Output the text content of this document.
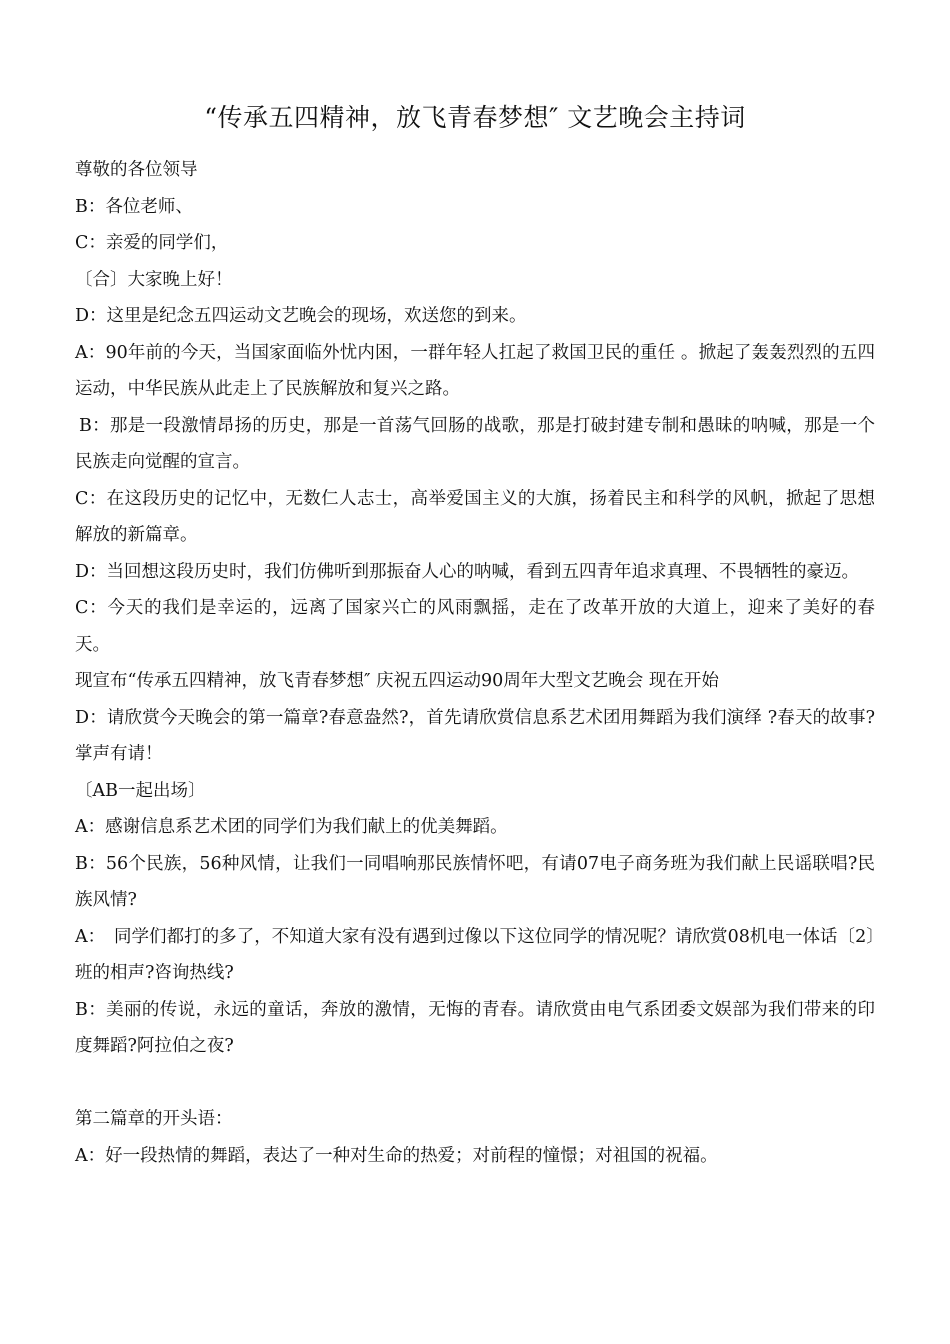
“传承五四精神，放飞青春梦想″ 文艺晚会主持词

尊敬的各位领导

B：各位老师、

C：亲爱的同学们，

〔合〕大家晚上好！

D：这里是纪念五四运动文艺晚会的现场，欢送您的到来。

A：90年前的今天，当国家面临外忧内困，一群年轻人扛起了救国卫民的重任 。掀起了轰轰烈烈的五四运动，中华民族从此走上了民族解放和复兴之路。

B：那是一段激情昂扬的历史，那是一首荡气回肠的战歌，那是打破封建专制和愚昧的呐喊，那是一个民族走向觉醒的宣言。

C：在这段历史的记忆中，无数仁人志士，高举爱国主义的大旗，扬着民主和科学的风帆，掀起了思想解放的新篇章。

D：当回想这段历史时，我们仿佛听到那振奋人心的呐喊，看到五四青年追求真理、不畏牺牲的豪迈。

C：今天的我们是幸运的，远离了国家兴亡的风雨飘摇，走在了改革开放的大道上，迎来了美好的春天。

现宣布“传承五四精神，放飞青春梦想″ 庆祝五四运动90周年大型文艺晚会 现在开始

D：请欣赏今天晚会的第一篇章?春意盎然?，首先请欣赏信息系艺术团用舞蹈为我们演绎 ?春天的故事?掌声有请！

〔AB一起出场〕

A：感谢信息系艺术团的同学们为我们献上的优美舞蹈。

B：56个民族，56种风情，让我们一同唱响那民族情怀吧，有请07电子商务班为我们献上民谣联唱?民族风情?

A：　同学们都打的多了，不知道大家有没有遇到过像以下这位同学的情况呢？请欣赏08机电一体话〔2〕班的相声?咨询热线?

B：美丽的传说，永远的童话，奔放的激情，无悔的青春。请欣赏由电气系团委文娱部为我们带来的印度舞蹈?阿拉伯之夜?

第二篇章的开头语：

A：好一段热情的舞蹈，表达了一种对生命的热爱；对前程的憧憬；对祖国的祝福。
